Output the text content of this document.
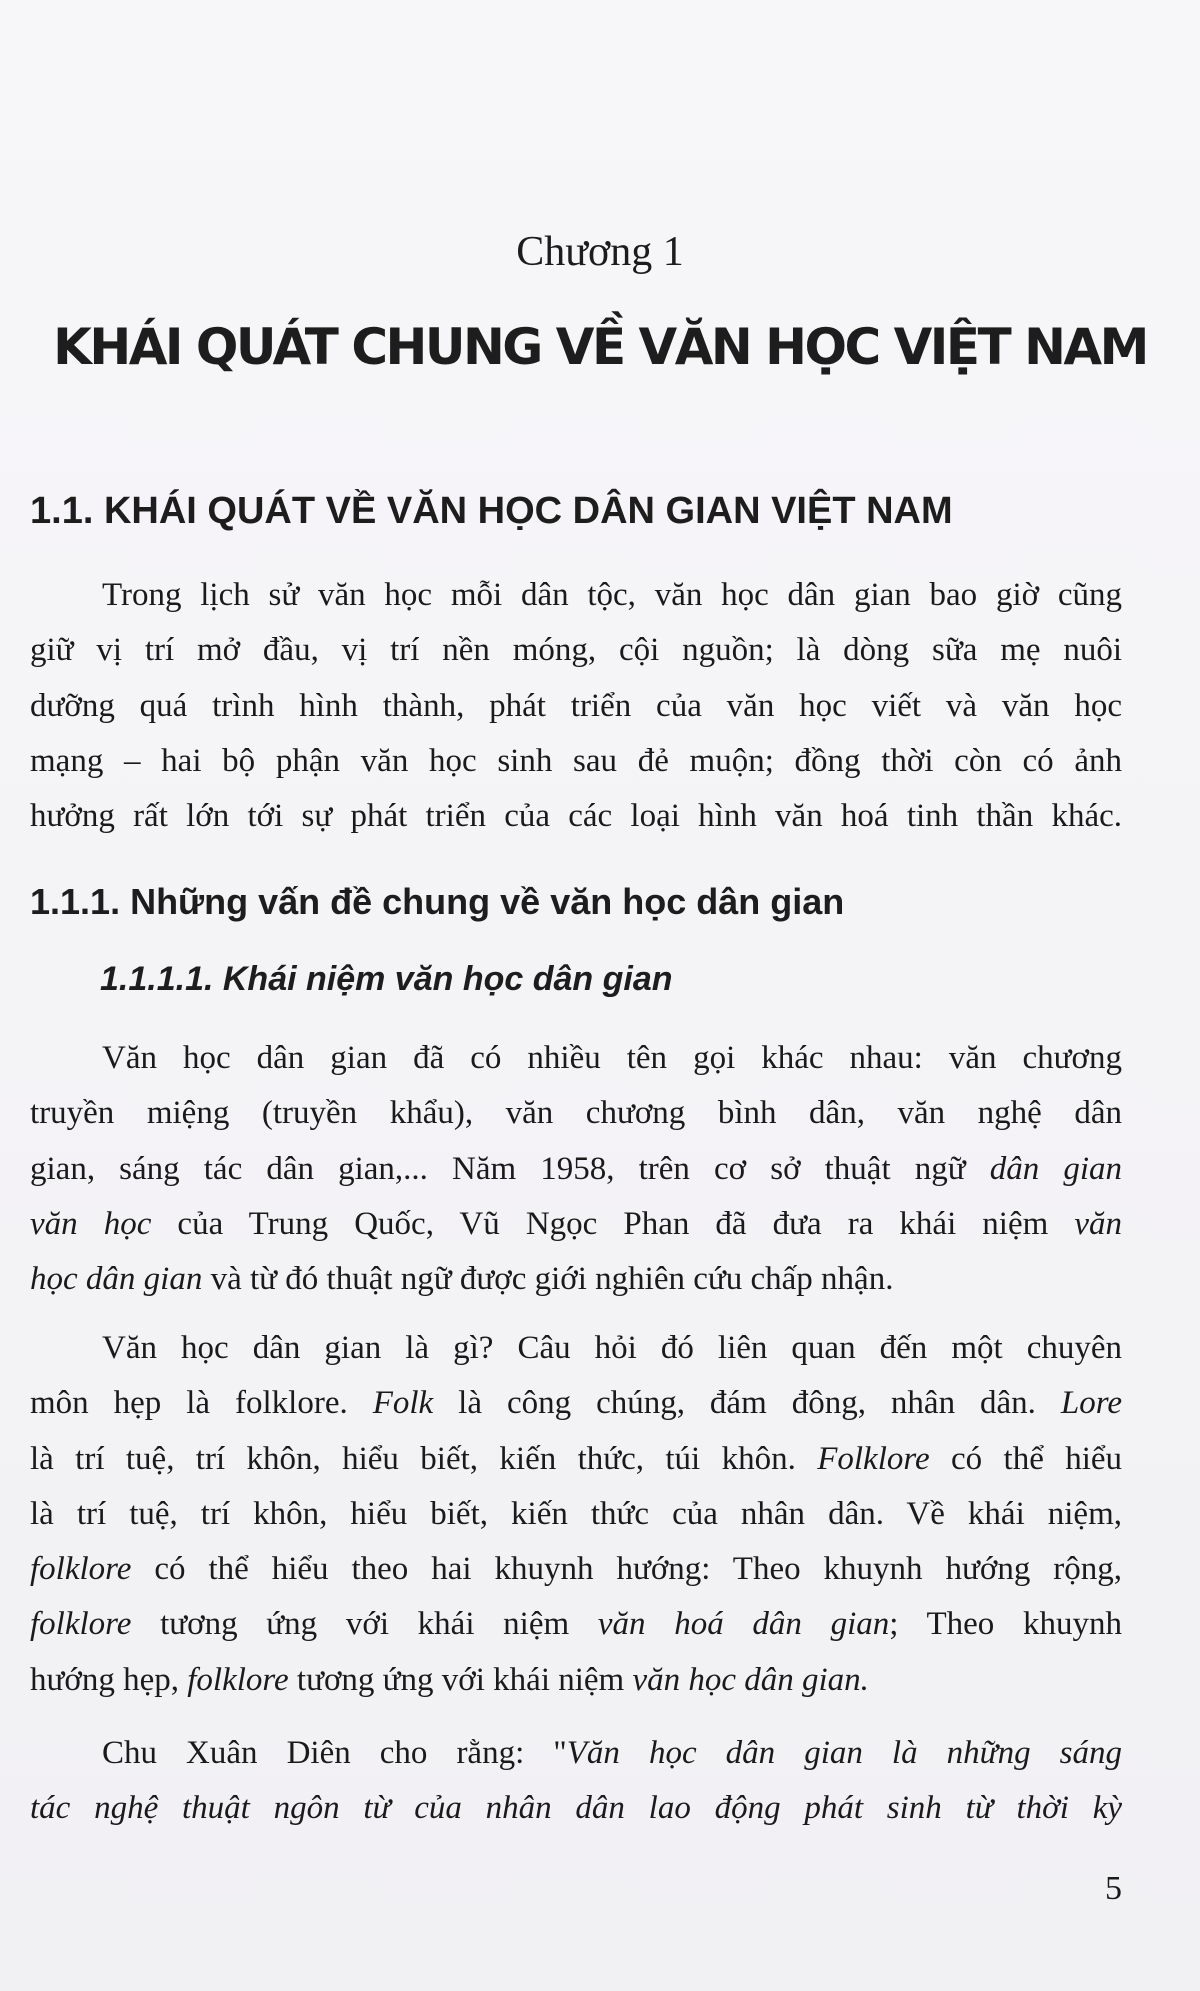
Chương 1
KHÁI QUÁT CHUNG VỀ VĂN HỌC VIỆT NAM
1.1. KHÁI QUÁT VỀ VĂN HỌC DÂN GIAN VIỆT NAM
Trong lịch sử văn học mỗi dân tộc, văn học dân gian bao giờ cũng
giữ vị trí mở đầu, vị trí nền móng, cội nguồn; là dòng sữa mẹ nuôi
dưỡng quá trình hình thành, phát triển của văn học viết và văn học
mạng – hai bộ phận văn học sinh sau đẻ muộn; đồng thời còn có ảnh
hưởng rất lớn tới sự phát triển của các loại hình văn hoá tinh thần khác.
1.1.1. Những vấn đề chung về văn học dân gian
1.1.1.1. Khái niệm văn học dân gian
Văn học dân gian đã có nhiều tên gọi khác nhau: văn chương
truyền miệng (truyền khẩu), văn chương bình dân, văn nghệ dân
gian, sáng tác dân gian,... Năm 1958, trên cơ sở thuật ngữ dân gian
văn học của Trung Quốc, Vũ Ngọc Phan đã đưa ra khái niệm văn
học dân gian và từ đó thuật ngữ được giới nghiên cứu chấp nhận.
Văn học dân gian là gì? Câu hỏi đó liên quan đến một chuyên
môn hẹp là folklore. Folk là công chúng, đám đông, nhân dân. Lore
là trí tuệ, trí khôn, hiểu biết, kiến thức, túi khôn. Folklore có thể hiểu
là trí tuệ, trí khôn, hiểu biết, kiến thức của nhân dân. Về khái niệm,
folklore có thể hiểu theo hai khuynh hướng: Theo khuynh hướng rộng,
folklore tương ứng với khái niệm văn hoá dân gian; Theo khuynh
hướng hẹp, folklore tương ứng với khái niệm văn học dân gian.
Chu Xuân Diên cho rằng: "Văn học dân gian là những sáng
tác nghệ thuật ngôn từ của nhân dân lao động phát sinh từ thời kỳ
5
